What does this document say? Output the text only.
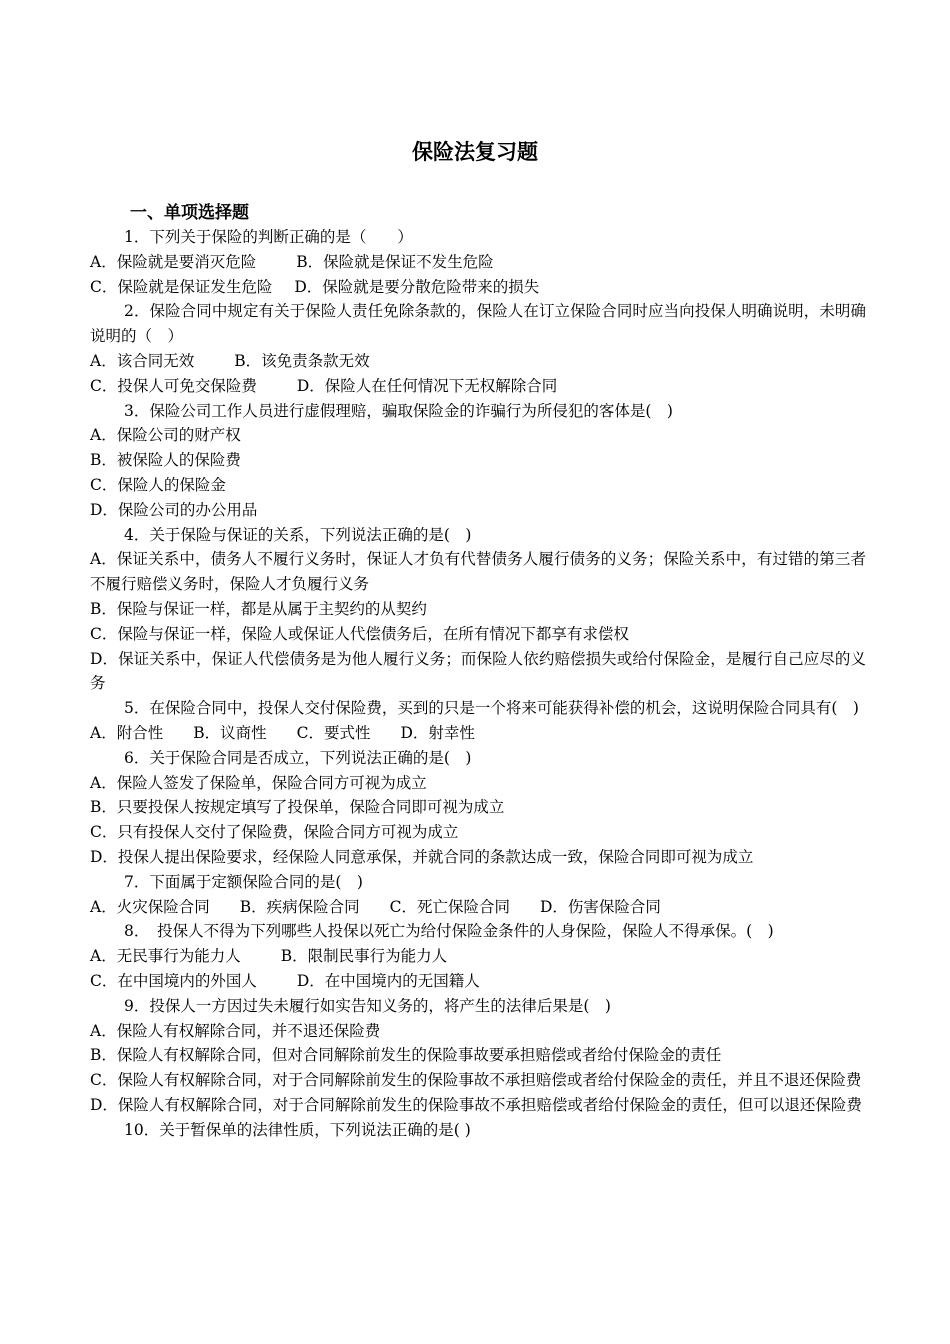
保险法复习题
一、单项选择题
1．下列关于保险的判断正确的是（　　）
A．保险就是要消灭危险	B．保险就是保证不发生危险
C．保险就是保证发生危险 D．保险就是要分散危险带来的损失
2．保险合同中规定有关于保险人责任免除条款的，保险人在订立保险合同时应当向投保人明确说明，未明确说明的（　）
A．该合同无效	B．该免责条款无效
C．投保人可免交保险费	D．保险人在任何情况下无权解除合同
3．保险公司工作人员进行虚假理赔，骗取保险金的诈骗行为所侵犯的客体是(　)
A．保险公司的财产权
B．被保险人的保险费
C．保险人的保险金
D．保险公司的办公用品
4．关于保险与保证的关系，下列说法正确的是(　)
A．保证关系中，债务人不履行义务时，保证人才负有代替债务人履行债务的义务；保险关系中，有过错的第三者不履行赔偿义务时，保险人才负履行义务
B．保险与保证一样，都是从属于主契约的从契约
C．保险与保证一样，保险人或保证人代偿债务后，在所有情况下都享有求偿权
D．保证关系中，保证人代偿债务是为他人履行义务；而保险人依约赔偿损失或给付保险金，是履行自己应尽的义务
5．在保险合同中，投保人交付保险费，买到的只是一个将来可能获得补偿的机会，这说明保险合同具有(　)
A．附合性 B．议商性 C．要式性 D．射幸性
6．关于保险合同是否成立，下列说法正确的是(　)
A．保险人签发了保险单，保险合同方可视为成立
B．只要投保人按规定填写了投保单，保险合同即可视为成立
C．只有投保人交付了保险费，保险合同方可视为成立
D．投保人提出保险要求，经保险人同意承保，并就合同的条款达成一致，保险合同即可视为成立
7．下面属于定额保险合同的是(　)
A．火灾保险合同 B．疾病保险合同 C．死亡保险合同 D．伤害保险合同
8．　投保人不得为下列哪些人投保以死亡为给付保险金条件的人身保险，保险人不得承保。(　)
A．无民事行为能力人	B．限制民事行为能力人
C．在中国境内的外国人	D．在中国境内的无国籍人
9．投保人一方因过失未履行如实告知义务的，将产生的法律后果是(　)
A．保险人有权解除合同，并不退还保险费
B．保险人有权解除合同，但对合同解除前发生的保险事故要承担赔偿或者给付保险金的责任
C．保险人有权解除合同，对于合同解除前发生的保险事故不承担赔偿或者给付保险金的责任，并且不退还保险费
D．保险人有权解除合同，对于合同解除前发生的保险事故不承担赔偿或者给付保险金的责任，但可以退还保险费
10．关于暂保单的法律性质，下列说法正确的是( )
